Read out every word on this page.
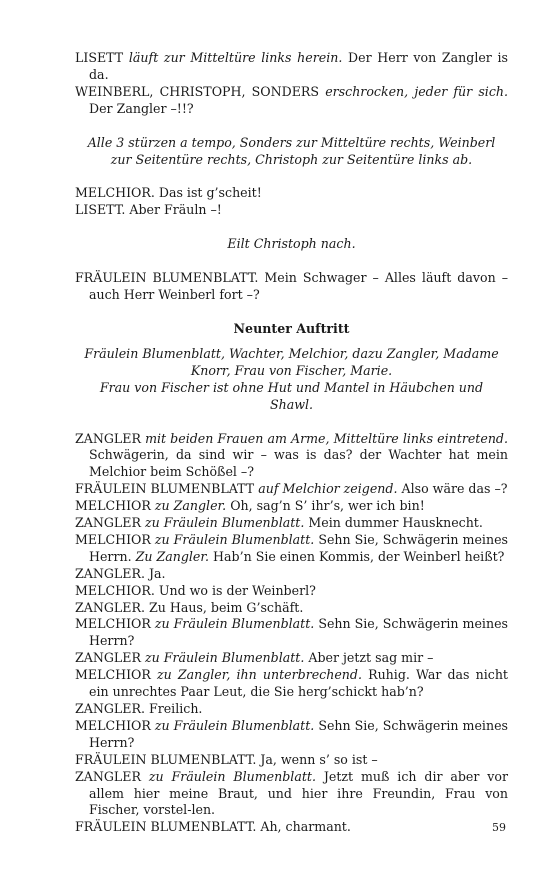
LISETT läuft zur Mitteltüre links herein. Der Herr von Zangler is da.

WEINBERL, CHRISTOPH, SONDERS erschrocken, jeder für sich. Der Zangler –!!?

Alle 3 stürzen a tempo, Sonders zur Mitteltüre rechts, Weinberl zur Seitentüre rechts, Christoph zur Seitentüre links ab.

MELCHIOR. Das ist g’scheit!

LISETT. Aber Fräuln –!

Eilt Christoph nach.

FRÄULEIN BLUMENBLATT. Mein Schwager – Alles läuft davon – auch Herr Weinberl fort –?

Neunter Auftritt

Fräulein Blumenblatt, Wachter, Melchior, dazu Zangler, Madame Knorr, Frau von Fischer, Marie.

Frau von Fischer ist ohne Hut und Mantel in Häubchen und Shawl.

ZANGLER mit beiden Frauen am Arme, Mitteltüre links eintretend. Schwägerin, da sind wir – was is das? der Wachter hat mein Melchior beim Schößel –?

FRÄULEIN BLUMENBLATT auf Melchior zeigend. Also wäre das –?

MELCHIOR zu Zangler. Oh, sag’n S’ ihr’s, wer ich bin!

ZANGLER zu Fräulein Blumenblatt. Mein dummer Hausknecht.

MELCHIOR zu Fräulein Blumenblatt. Sehn Sie, Schwägerin meines Herrn. Zu Zangler. Hab’n Sie einen Kommis, der Weinberl heißt?

ZANGLER. Ja.

MELCHIOR. Und wo is der Weinberl?

ZANGLER. Zu Haus, beim G’schäft.

MELCHIOR zu Fräulein Blumenblatt. Sehn Sie, Schwägerin meines Herrn?

ZANGLER zu Fräulein Blumenblatt. Aber jetzt sag mir –

MELCHIOR zu Zangler, ihn unterbrechend. Ruhig. War das nicht ein unrechtes Paar Leut, die Sie herg’schickt hab’n?

ZANGLER. Freilich.

MELCHIOR zu Fräulein Blumenblatt. Sehn Sie, Schwägerin meines Herrn?

FRÄULEIN BLUMENBLATT. Ja, wenn s’ so ist –

ZANGLER zu Fräulein Blumenblatt. Jetzt muß ich dir aber vor allem hier meine Braut, und hier ihre Freundin, Frau von Fischer, vorstel-len.

FRÄULEIN BLUMENBLATT. Ah, charmant.	59
